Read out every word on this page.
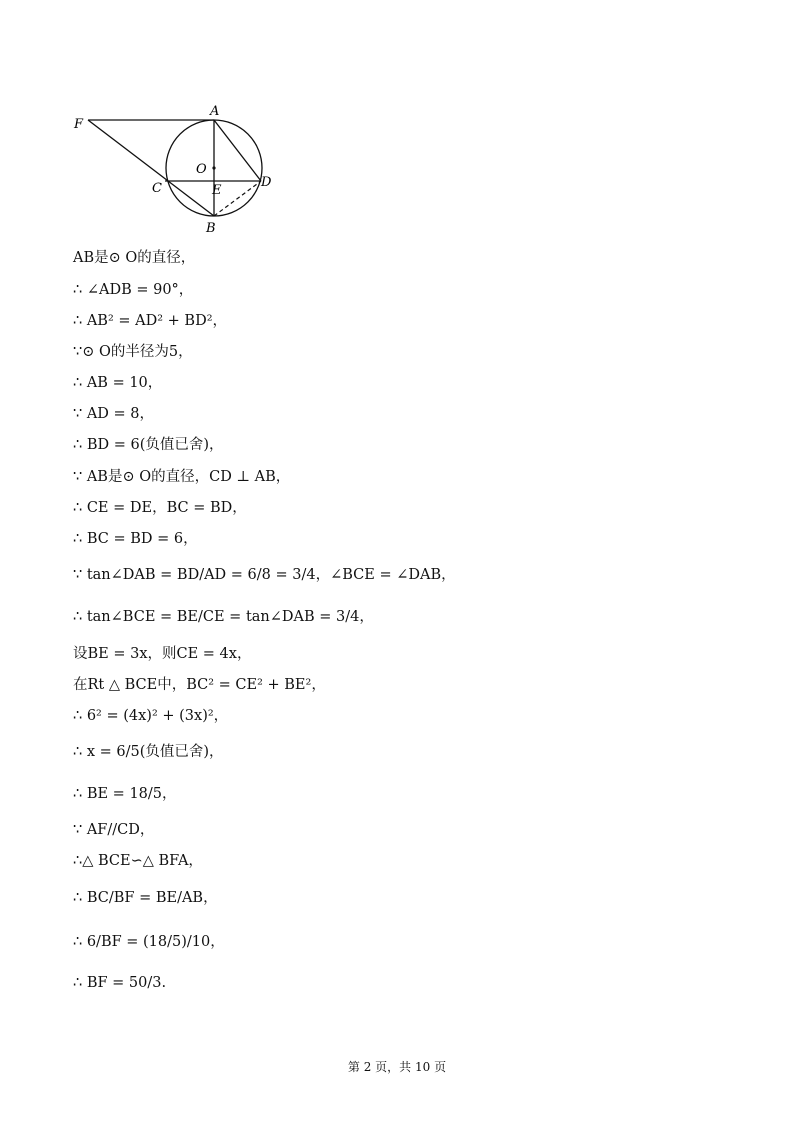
F
A
O
C	E
D
B
AB是⊙ O的直径，
∴ ∠ADB = 90°，
∴ AB² = AD² + BD²，
∵⊙ O的半径为5，
∴ AB = 10，
∵ AD = 8，
∴ BD = 6(负值已舍)，
∵ AB是⊙ O的直径，CD ⊥ AB，
∴ CE = DE，BC = BD，
∴ BC = BD = 6，
∵ tan∠DAB = BD/AD = 6/8 = 3/4，∠BCE = ∠DAB，
∴ tan∠BCE = BE/CE = tan∠DAB = 3/4，
设BE = 3x，则CE = 4x，
在Rt △ BCE中，BC² = CE² + BE²，
∴ 6² = (4x)² + (3x)²，
∴ x = 6/5(负值已舍)，
∴ BE = 18/5，
∵ AF//CD，
∴△ BCE∽△ BFA，
∴ BC/BF = BE/AB，
∴ 6/BF = (18/5)/10，
∴ BF = 50/3.
第 2 页，共 10 页
